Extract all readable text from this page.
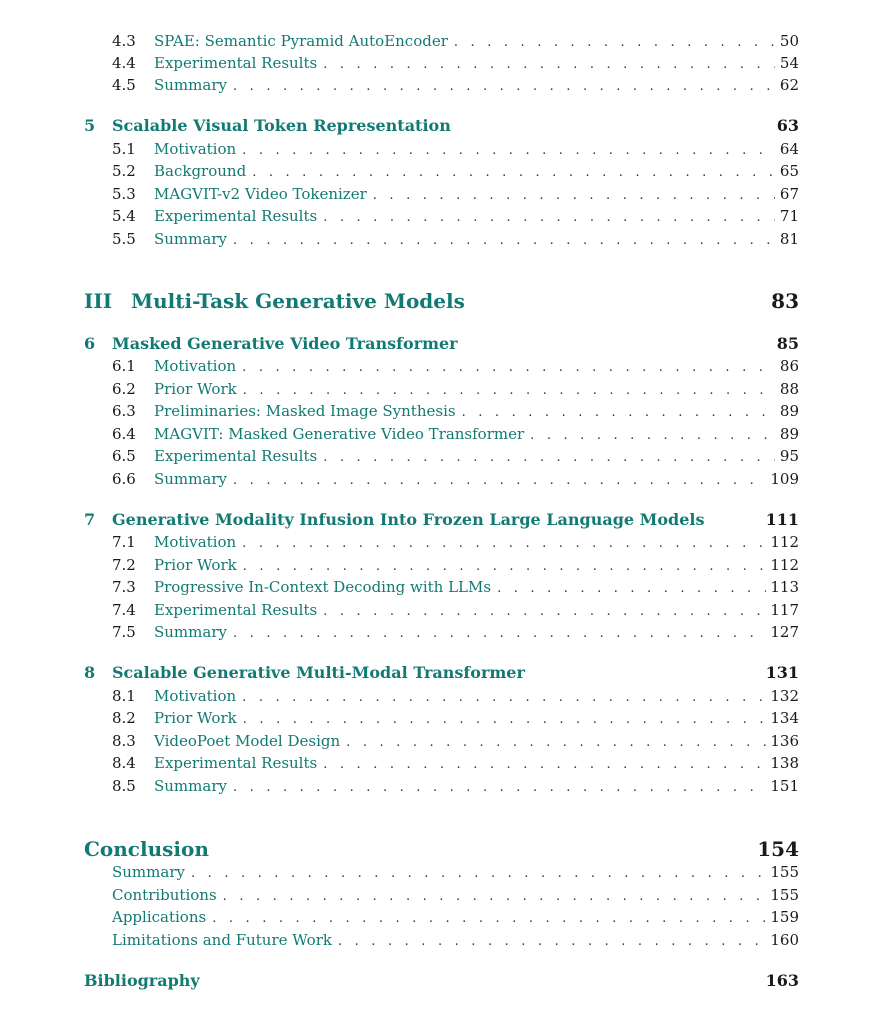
4.3	SPAE: Semantic Pyramid AutoEncoder . . .	50
4.4	Experimental Results . . .	54
4.5	Summary . . .	62
5	Scalable Visual Token Representation	63
5.1	Motivation . . .	64
5.2	Background . . .	65
5.3	MAGVIT-v2 Video Tokenizer . . .	67
5.4	Experimental Results . . .	71
5.5	Summary . . .	81
III Multi-Task Generative Models	83
6	Masked Generative Video Transformer	85
6.1	Motivation . . .	86
6.2	Prior Work . . .	88
6.3	Preliminaries: Masked Image Synthesis . . .	89
6.4	MAGVIT: Masked Generative Video Transformer . . .	89
6.5	Experimental Results . . .	95
6.6	Summary . . .	109
7	Generative Modality Infusion Into Frozen Large Language Models	111
7.1	Motivation . . .	112
7.2	Prior Work . . .	112
7.3	Progressive In-Context Decoding with LLMs . . .	113
7.4	Experimental Results . . .	117
7.5	Summary . . .	127
8	Scalable Generative Multi-Modal Transformer	131
8.1	Motivation . . .	132
8.2	Prior Work . . .	134
8.3	VideoPoet Model Design . . .	136
8.4	Experimental Results . . .	138
8.5	Summary . . .	151
Conclusion	154
Summary . . .	155
Contributions . . .	155
Applications . . .	159
Limitations and Future Work . . .	160
Bibliography	163
